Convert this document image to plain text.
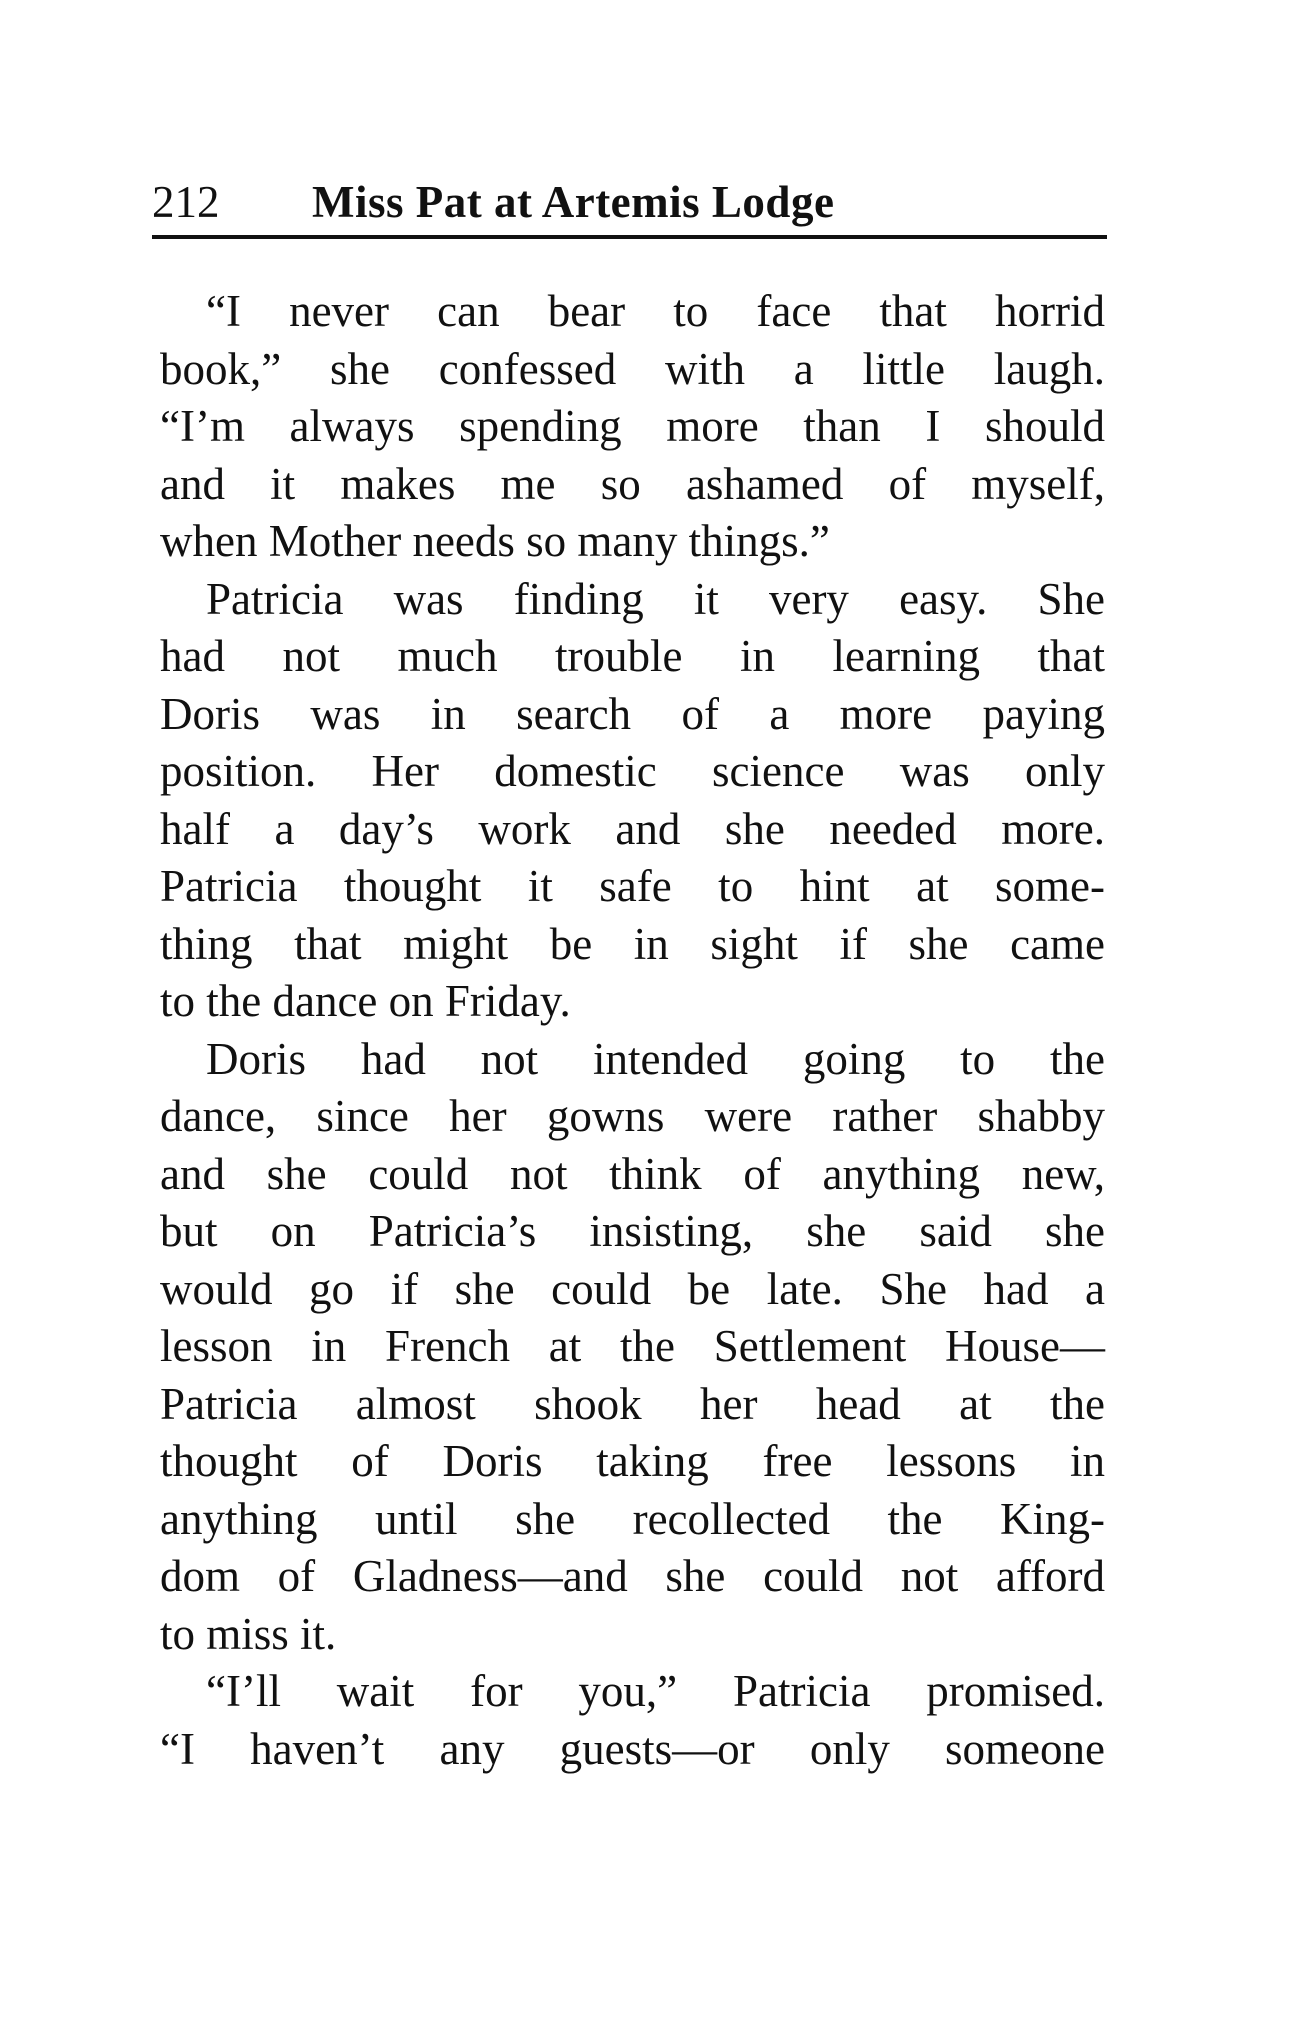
212 Miss Pat at Artemis Lodge
“I never can bear to face that horrid
book,” she confessed with a little laugh.
“I’m always spending more than I should
and it makes me so ashamed of myself,
when Mother needs so many things.”
Patricia was finding it very easy. She
had not much trouble in learning that
Doris was in search of a more paying
position. Her domestic science was only
half a day’s work and she needed more.
Patricia thought it safe to hint at some-
thing that might be in sight if she came
to the dance on Friday.
Doris had not intended going to the
dance, since her gowns were rather shabby
and she could not think of anything new,
but on Patricia’s insisting, she said she
would go if she could be late. She had a
lesson in French at the Settlement House—
Patricia almost shook her head at the
thought of Doris taking free lessons in
anything until she recollected the King-
dom of Gladness—and she could not afford
to miss it.
“I’ll wait for you,” Patricia promised.
“I haven’t any guests—or only someone
